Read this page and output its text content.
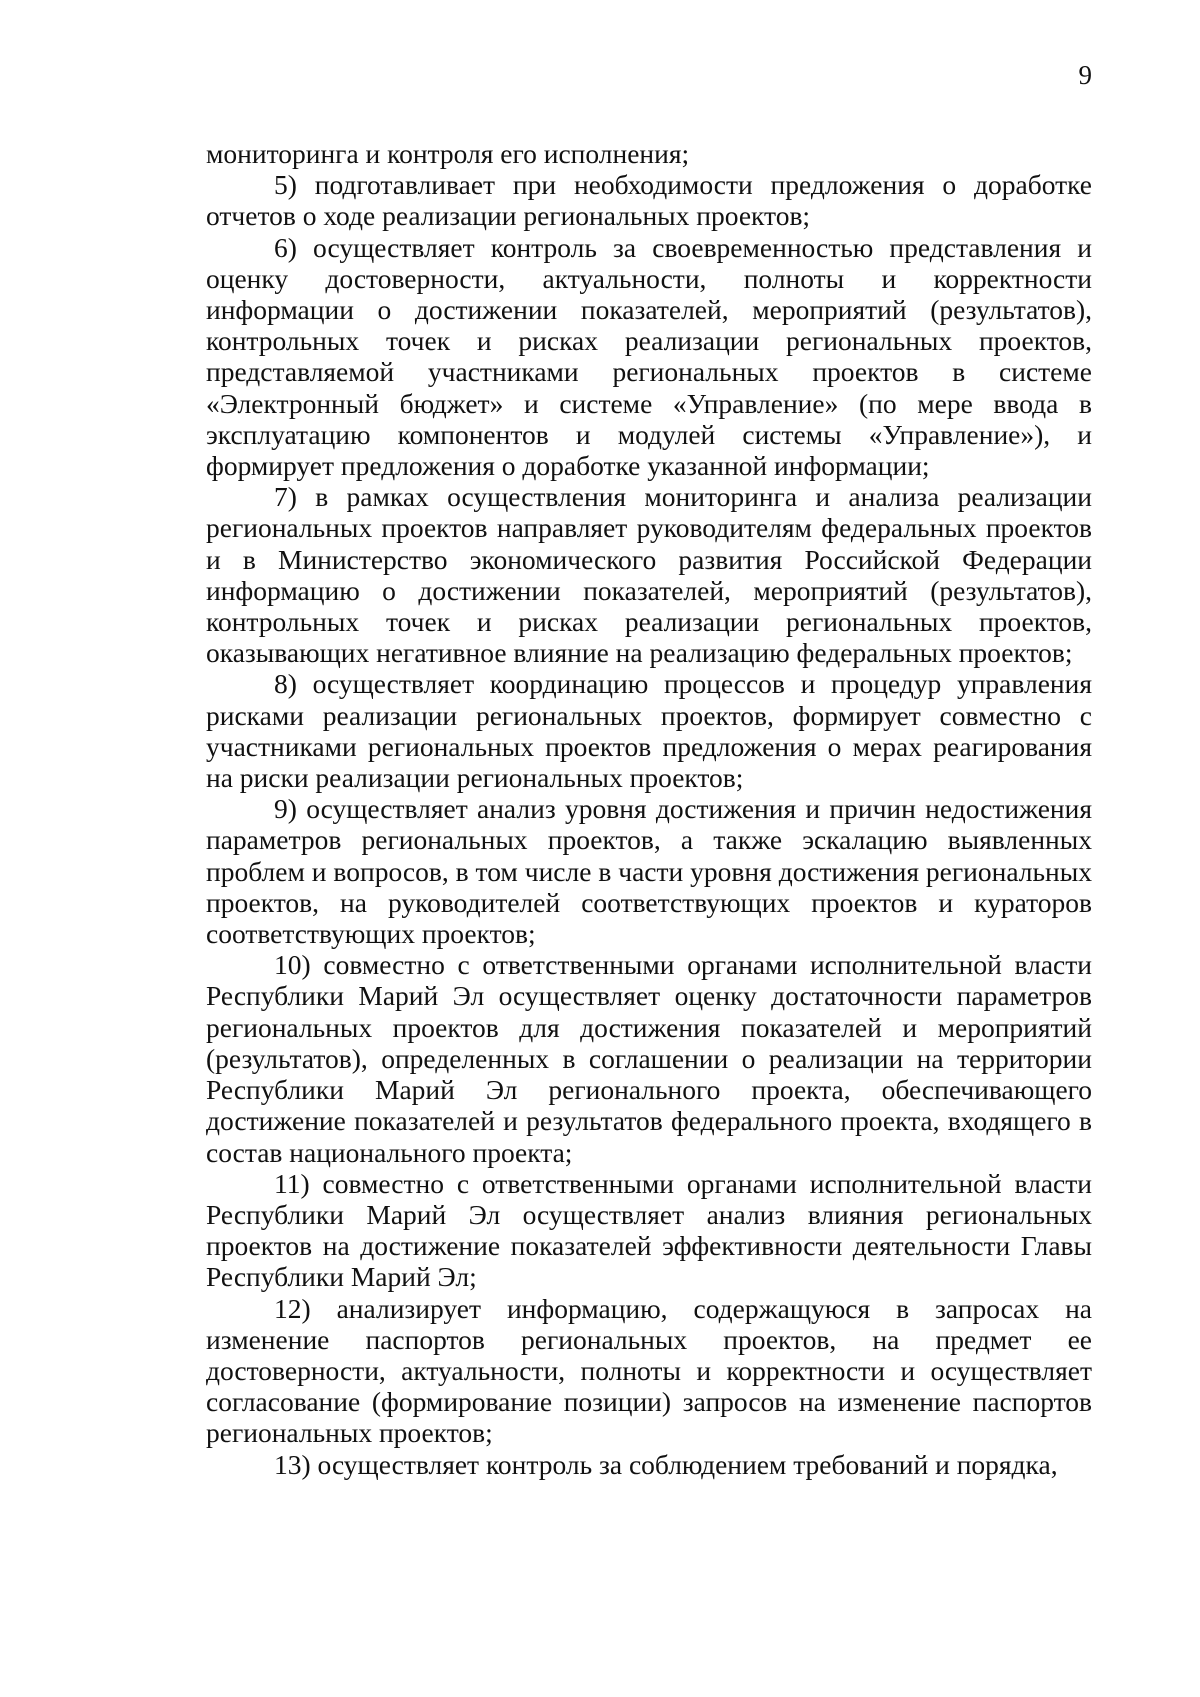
9

мониторинга и контроля его исполнения;

5) подготавливает при необходимости предложения о доработке отчетов о ходе реализации региональных проектов;

6) осуществляет контроль за своевременностью представления и оценку достоверности, актуальности, полноты и корректности информации о достижении показателей, мероприятий (результатов), контрольных точек и рисках реализации региональных проектов, представляемой участниками региональных проектов в системе «Электронный бюджет» и системе «Управление» (по мере ввода в эксплуатацию компонентов и модулей системы «Управление»), и формирует предложения о доработке указанной информации;

7) в рамках осуществления мониторинга и анализа реализации региональных проектов направляет руководителям федеральных проектов и в Министерство экономического развития Российской Федерации информацию о достижении показателей, мероприятий (результатов), контрольных точек и рисках реализации региональных проектов, оказывающих негативное влияние на реализацию федеральных проектов;

8) осуществляет координацию процессов и процедур управления рисками реализации региональных проектов, формирует совместно с участниками региональных проектов предложения о мерах реагирования на риски реализации региональных проектов;

9) осуществляет анализ уровня достижения и причин недостижения параметров региональных проектов, а также эскалацию выявленных проблем и вопросов, в том числе в части уровня достижения региональных проектов, на руководителей соответствующих проектов и кураторов соответствующих проектов;

10) совместно с ответственными органами исполнительной власти Республики Марий Эл осуществляет оценку достаточности параметров региональных проектов для достижения показателей и мероприятий (результатов), определенных в соглашении о реализации на территории Республики Марий Эл регионального проекта, обеспечивающего достижение показателей и результатов федерального проекта, входящего в состав национального проекта;

11) совместно с ответственными органами исполнительной власти Республики Марий Эл осуществляет анализ влияния региональных проектов на достижение показателей эффективности деятельности Главы Республики Марий Эл;

12) анализирует информацию, содержащуюся в запросах на изменение паспортов региональных проектов, на предмет ее достоверности, актуальности, полноты и корректности и осуществляет согласование (формирование позиции) запросов на изменение паспортов региональных проектов;

13) осуществляет контроль за соблюдением требований и порядка,
